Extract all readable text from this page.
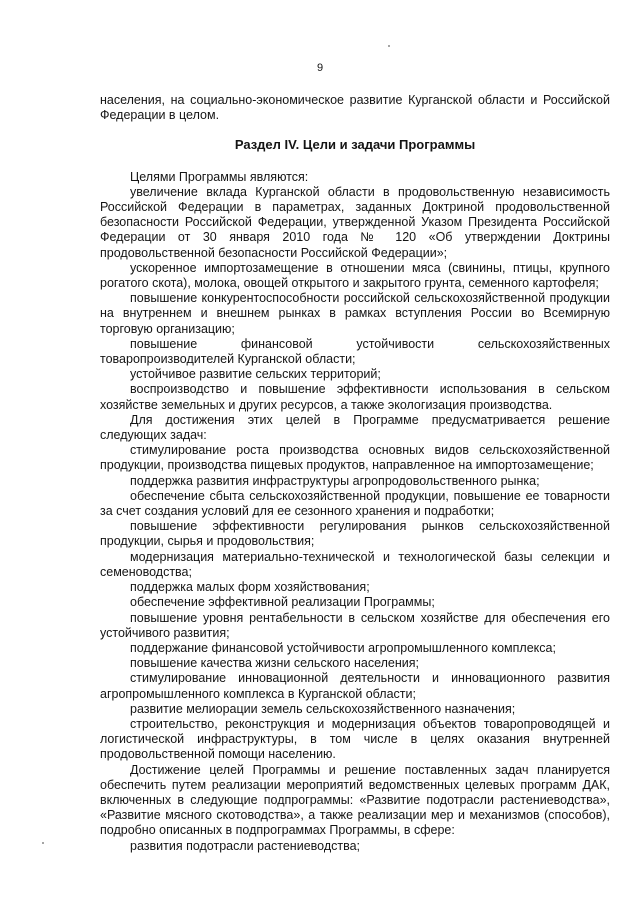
9

населения, на социально-экономическое развитие Курганской области и Российской Федерации в целом.

Раздел IV. Цели и задачи Программы

Целями Программы являются:

увеличение вклада Курганской области в продовольственную независимость Российской Федерации в параметрах, заданных Доктриной продовольственной безопасности Российской Федерации, утвержденной Указом Президента Российской Федерации от 30 января 2010 года № 120 «Об утверждении Доктрины продовольственной безопасности Российской Федерации»;

ускоренное импортозамещение в отношении мяса (свинины, птицы, крупного рогатого скота), молока, овощей открытого и закрытого грунта, семенного картофеля;

повышение конкурентоспособности российской сельскохозяйственной продукции на внутреннем и внешнем рынках в рамках вступления России во Всемирную торговую организацию;

повышение	финансовой	устойчивости	сельскохозяйственных

товаропроизводителей Курганской области;

устойчивое развитие сельских территорий;

воспроизводство и повышение эффективности использования в сельском хозяйстве земельных и других ресурсов, а также экологизация производства.

Для достижения этих целей в Программе предусматривается решение следующих задач:

стимулирование роста производства основных видов сельскохозяйственной продукции, производства пищевых продуктов, направленное на импортозамещение;

поддержка развития инфраструктуры агропродовольственного рынка;

обеспечение сбыта сельскохозяйственной продукции, повышение ее товарности за счет создания условий для ее сезонного хранения и подработки;

повышение эффективности регулирования рынков сельскохозяйственной продукции, сырья и продовольствия;

модернизация материально-технической и технологической базы селекции и семеноводства;

поддержка малых форм хозяйствования;

обеспечение эффективной реализации Программы;

повышение уровня рентабельности в сельском хозяйстве для обеспечения его устойчивого развития;

поддержание финансовой устойчивости агропромышленного комплекса;

повышение качества жизни сельского населения;

стимулирование инновационной деятельности и инновационного развития агропромышленного комплекса в Курганской области;

развитие мелиорации земель сельскохозяйственного назначения;

строительство, реконструкция и модернизация объектов товаропроводящей и логистической инфраструктуры, в том числе в целях оказания внутренней продовольственной помощи населению.

Достижение целей Программы и решение поставленных задач планируется обеспечить путем реализации мероприятий ведомственных целевых программ ДАК, включенных в следующие подпрограммы: «Развитие подотрасли растениеводства», «Развитие мясного скотоводства», а также реализации мер и механизмов (способов), подробно описанных в подпрограммах Программы, в сфере:

развития подотрасли растениеводства;
